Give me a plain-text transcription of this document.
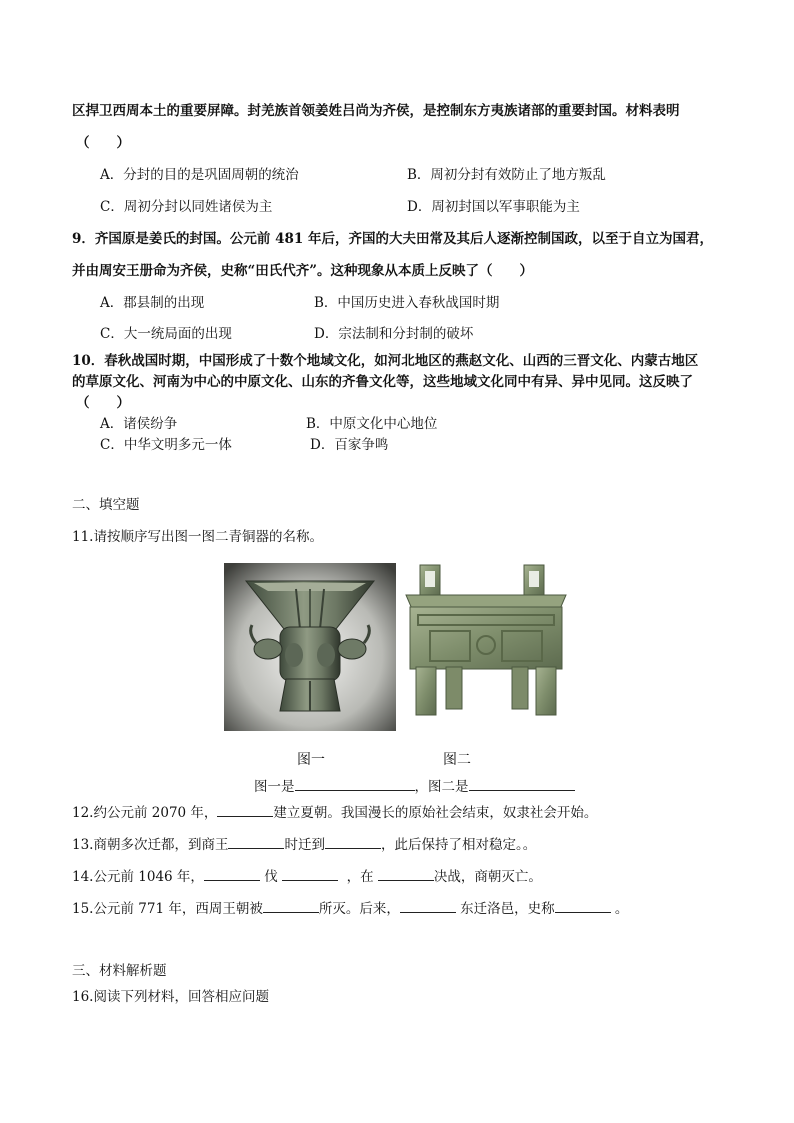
区捍卫西周本土的重要屏障。封羌族首领姜姓吕尚为齐侯，是控制东方夷族诸部的重要封国。材料表明
（　　）
A．分封的目的是巩固周朝的统治	B．周初分封有效防止了地方叛乱
C．周初分封以同姓诸侯为主	D．周初封国以军事职能为主
9．齐国原是姜氏的封国。公元前 481 年后，齐国的大夫田常及其后人逐渐控制国政，以至于自立为国君，
并由周安王册命为齐侯，史称“田氏代齐”。这种现象从本质上反映了（　　）
A．郡县制的出现	B．中国历史进入春秋战国时期
C．大一统局面的出现	D．宗法制和分封制的破坏
10．春秋战国时期，中国形成了十数个地域文化，如河北地区的燕赵文化、山西的三晋文化、内蒙古地区
的草原文化、河南为中心的中原文化、山东的齐鲁文化等，这些地域文化同中有异、异中见同。这反映了
（　　）
A．诸侯纷争	B．中原文化中心地位
C．中华文明多元一体	D．百家争鸣
二、填空题
11.请按顺序写出图一图二青铜器的名称。
图一	图二
图一是	，图二是
12.约公元前 2070 年，	建立夏朝。我国漫长的原始社会结束，奴隶社会开始。
13.商朝多次迁都，到商王	时迁到	，此后保持了相对稳定。。
14.公元前 1046 年，	伐	，在	决战，商朝灭亡。
15.公元前 771 年，西周王朝被	所灭。后来，	东迁洛邑，史称	。
三、材料解析题
16.阅读下列材料，回答相应问题
